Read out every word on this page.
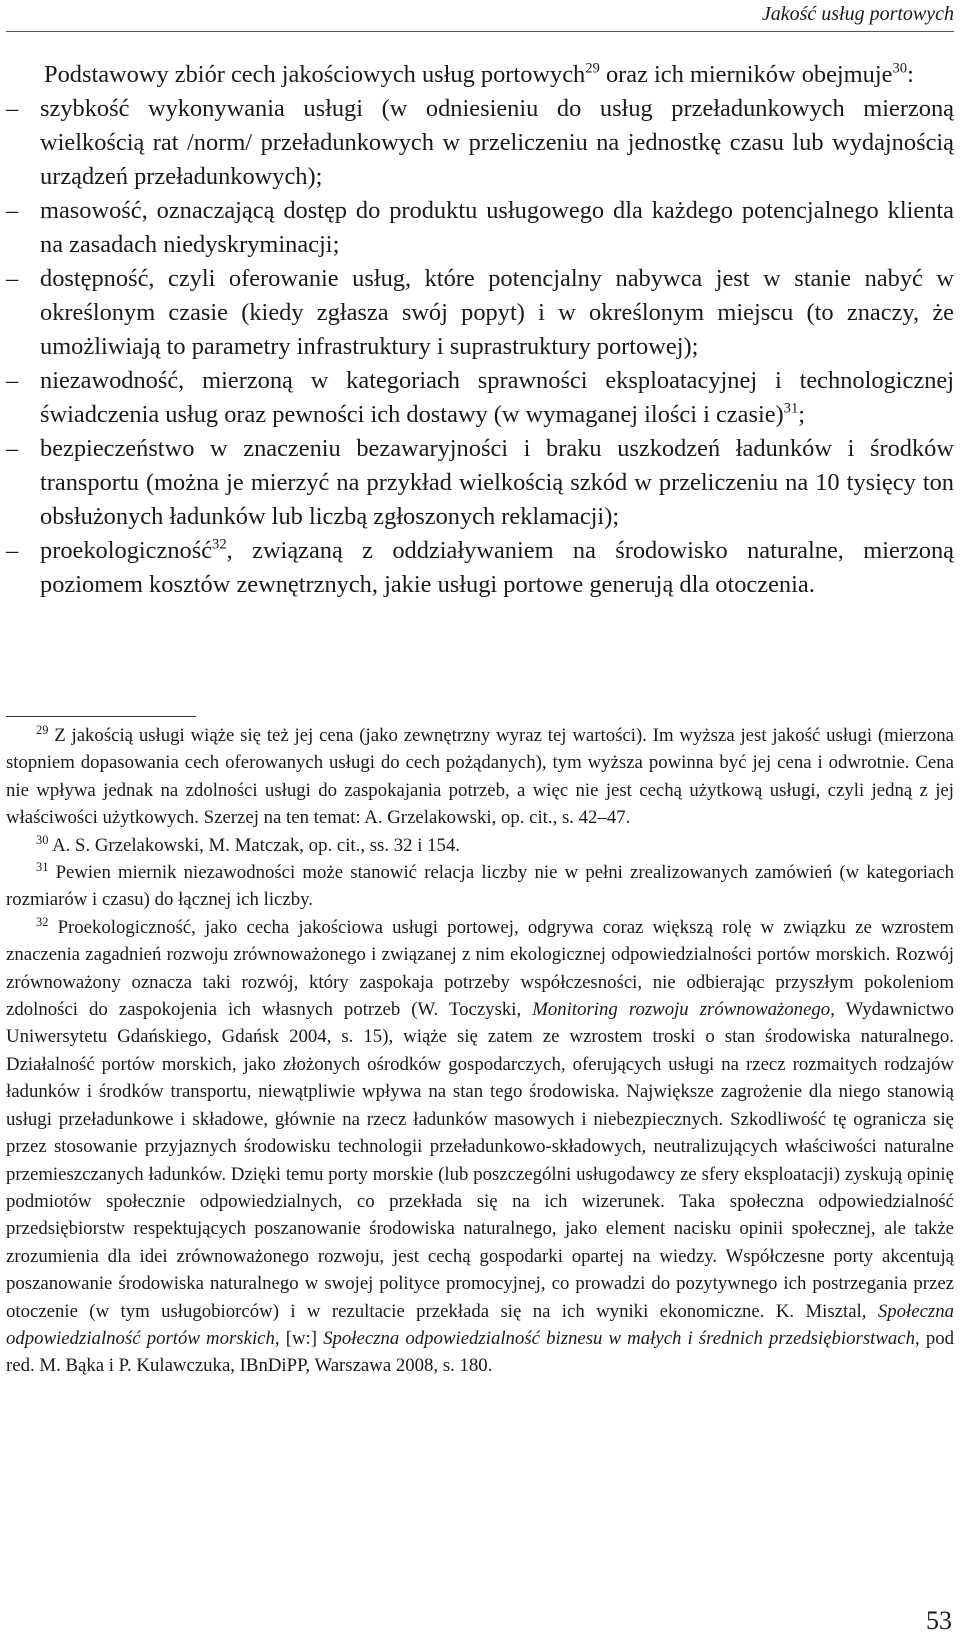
Jakość usług portowych

Podstawowy zbiór cech jakościowych usług portowych$^{29}$ oraz ich mierników obejmuje$^{30}$:

– szybkość wykonywania usługi (w odniesieniu do usług przeładunkowych mierzoną wielkością rat /norm/ przeładunkowych w przeliczeniu na jednostkę czasu lub wydajnością urządzeń przeładunkowych);
– masowość, oznaczającą dostęp do produktu usługowego dla każdego potencjalnego klienta na zasadach niedyskryminacji;
– dostępność, czyli oferowanie usług, które potencjalny nabywca jest w stanie nabyć w określonym czasie (kiedy zgłasza swój popyt) i w określonym miejscu (to znaczy, że umożliwiają to parametry infrastruktury i suprastruktury portowej);
– niezawodność, mierzoną w kategoriach sprawności eksploatacyjnej i technologicznej świadczenia usług oraz pewności ich dostawy (w wymaganej ilości i czasie)$^{31}$;
– bezpieczeństwo w znaczeniu bezawaryjności i braku uszkodzeń ładunków i środków transportu (można je mierzyć na przykład wielkością szkód w przeliczeniu na 10 tysięcy ton obsłużonych ładunków lub liczbą zgłoszonych reklamacji);
– proekologiczność$^{32}$, związaną z oddziaływaniem na środowisko naturalne, mierzoną poziomem kosztów zewnętrznych, jakie usługi portowe generują dla otoczenia.

$^{29}$ Z jakością usługi wiąże się też jej cena (jako zewnętrzny wyraz tej wartości). Im wyższa jest jakość usługi (mierzona stopniem dopasowania cech oferowanych usługi do cech pożądanych), tym wyższa powinna być jej cena i odwrotnie. Cena nie wpływa jednak na zdolności usługi do zaspokajania potrzeb, a więc nie jest cechą użytkową usługi, czyli jedną z jej właściwości użytkowych. Szerzej na ten temat: A. Grzelakowski, op. cit., s. 42–47.

$^{30}$ A. S. Grzelakowski, M. Matczak, op. cit., ss. 32 i 154.

$^{31}$ Pewien miernik niezawodności może stanowić relacja liczby nie w pełni zrealizowanych zamówień (w kategoriach rozmiarów i czasu) do łącznej ich liczby.

$^{32}$ Proekologiczność, jako cecha jakościowa usługi portowej, odgrywa coraz większą rolę w związku ze wzrostem znaczenia zagadnień rozwoju zrównoważonego i związanej z nim ekologicznej odpowiedzialności portów morskich. Rozwój zrównoważony oznacza taki rozwój, który zaspokaja potrzeby współczesności, nie odbierając przyszłym pokoleniom zdolności do zaspokojenia ich własnych potrzeb (W. Toczyski, Monitoring rozwoju zrównoważonego, Wydawnictwo Uniwersytetu Gdańskiego, Gdańsk 2004, s. 15), wiąże się zatem ze wzrostem troski o stan środowiska naturalnego. Działalność portów morskich, jako złożonych ośrodków gospodarczych, oferujących usługi na rzecz rozmaitych rodzajów ładunków i środków transportu, niewątpliwie wpływa na stan tego środowiska. Największe zagrożenie dla niego stanowią usługi przeładunkowe i składowe, głównie na rzecz ładunków masowych i niebezpiecznych. Szkodliwość tę ogranicza się przez stosowanie przyjaznych środowisku technologii przeładunkowo-składowych, neutralizujących właściwości naturalne przemieszczanych ładunków. Dzięki temu porty morskie (lub poszczególni usługodawcy ze sfery eksploatacji) zyskują opinię podmiotów społecznie odpowiedzialnych, co przekłada się na ich wizerunek. Taka społeczna odpowiedzialność przedsiębiorstw respektujących poszanowanie środowiska naturalnego, jako element nacisku opinii społecznej, ale także zrozumienia dla idei zrównoważonego rozwoju, jest cechą gospodarki opartej na wiedzy. Współczesne porty akcentują poszanowanie środowiska naturalnego w swojej polityce promocyjnej, co prowadzi do pozytywnego ich postrzegania przez otoczenie (w tym usługobiorców) i w rezultacie przekłada się na ich wyniki ekonomiczne. K. Misztal, Społeczna odpowiedzialność portów morskich, [w:] Społeczna odpowiedzialność biznesu w małych i średnich przedsiębiorstwach, pod red. M. Bąka i P. Kulawczuka, IBnDiPP, Warszawa 2008, s. 180.

53
